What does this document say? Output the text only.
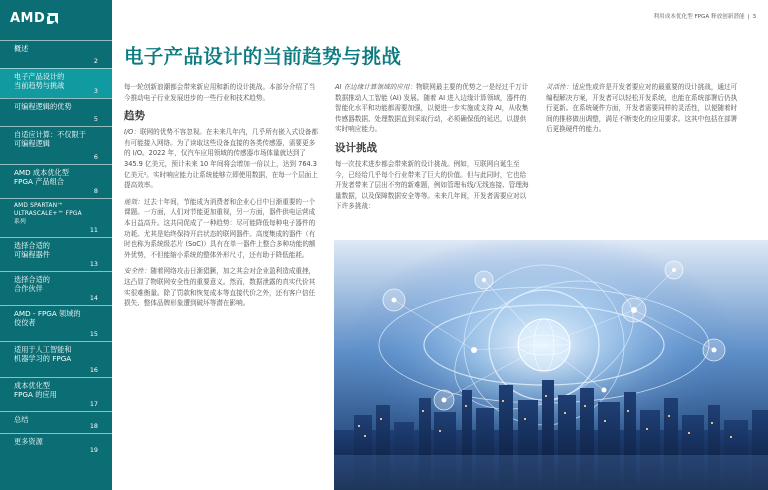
AMD
概述
2
电子产品设计的
当前趋势与挑战
3
可编程逻辑的优势
5
自适应计算：不仅限于
可编程逻辑
6
AMD 成本优化型
FPGA 产品组合
8
AMD SPARTAN™
ULTRASCALE+™ FPGA
系列
11
选择合适的
可编程器件
13
选择合适的
合作伙伴
14
AMD - FPGA 领域的
佼佼者
15
适用于人工智能和
机器学习的 FPGA
16
成本优化型
FPGA 的应用
17
总结
18
更多资源
19
利用成本优化型 FPGA 释放创新潜能 | 3
电子产品设计的当前趋势与挑战

每一轮创新浪潮都会带来新应用和新的设计挑战。本部分介绍了当今推动电子行业发展进步的一些行业和技术趋势。

趋势

I/O：联网的优势不容忽视。在未来几年内，几乎所有嵌入式设备都有可能接入网络。为了读取这些设备直接的各类传感器，需要更多的 I/O。2022 年，仅汽车应用领域的传感器市场体量就达到了 345.9 亿美元，预计未来 10 年间将会增加一倍以上，达到 764.3 亿美元¹。实时响应能力让系统能够立即使用数据，在每一个层面上提高效率。

能效：过去十年间，节能成为消费者和企业心目中日渐重要的一个课题。一方面，人们对节能更加重视，另一方面，器件供电运营成本日益高升。这共同促成了一种趋势：尽可能降低每种电子器件的功耗。尤其是始终保持开启状态的联网器件。高度集成的器件（有时也称为系统级芯片 (SoC)）具有在单一器件上整合多种功能的额外优势，不但能缩小系统的整体外形尺寸，还有助于降低能耗。

安全性：随着网络攻击日渐猖獗，加之其会对企业盈利造成重挫，这凸显了物联网安全性的重要意义。然而，数据泄露的真实代价其实很难衡量。除了罚款和恢复成本等直接代价之外，还有客户信任损失、整体品牌形象遭到破坏等潜在影响。

AI 在边缘计算领域的应用：物联网最主要的优势之一是经过千万计数据推动人工智能 (AI) 发展。随着 AI 进入边缘计算领域，器件的智能化水平和功能都需要加强，以便进一步实施或支持 AI，从收集传感器数据、处理数据直到采取行动，必须确保低的延迟，以提供实时响应能力。

设计挑战

每一次技术进步都会带来新的设计挑战。例如，互联网自诞生至今，已经给几乎每个行业带来了巨大的价值。但与此同时，它也给开发者带来了层出不穷的新难题，例如管理布线/无线连接、管理海量数据，以及保障数据安全等等。未来几年间，开发者需要应对以下许多挑战：

灵活性：适应性或许是开发者要应对的最重要的设计挑战，通过可编程解决方案，开发者可以轻松开发系统，也能在系统部署后仍执行更新。在系统硬件方面，开发者需要同样的灵活性，以便随着时间的推移做出调整，满足不断变化的应用要求。这其中包括在部署后更换硬件的能力。
